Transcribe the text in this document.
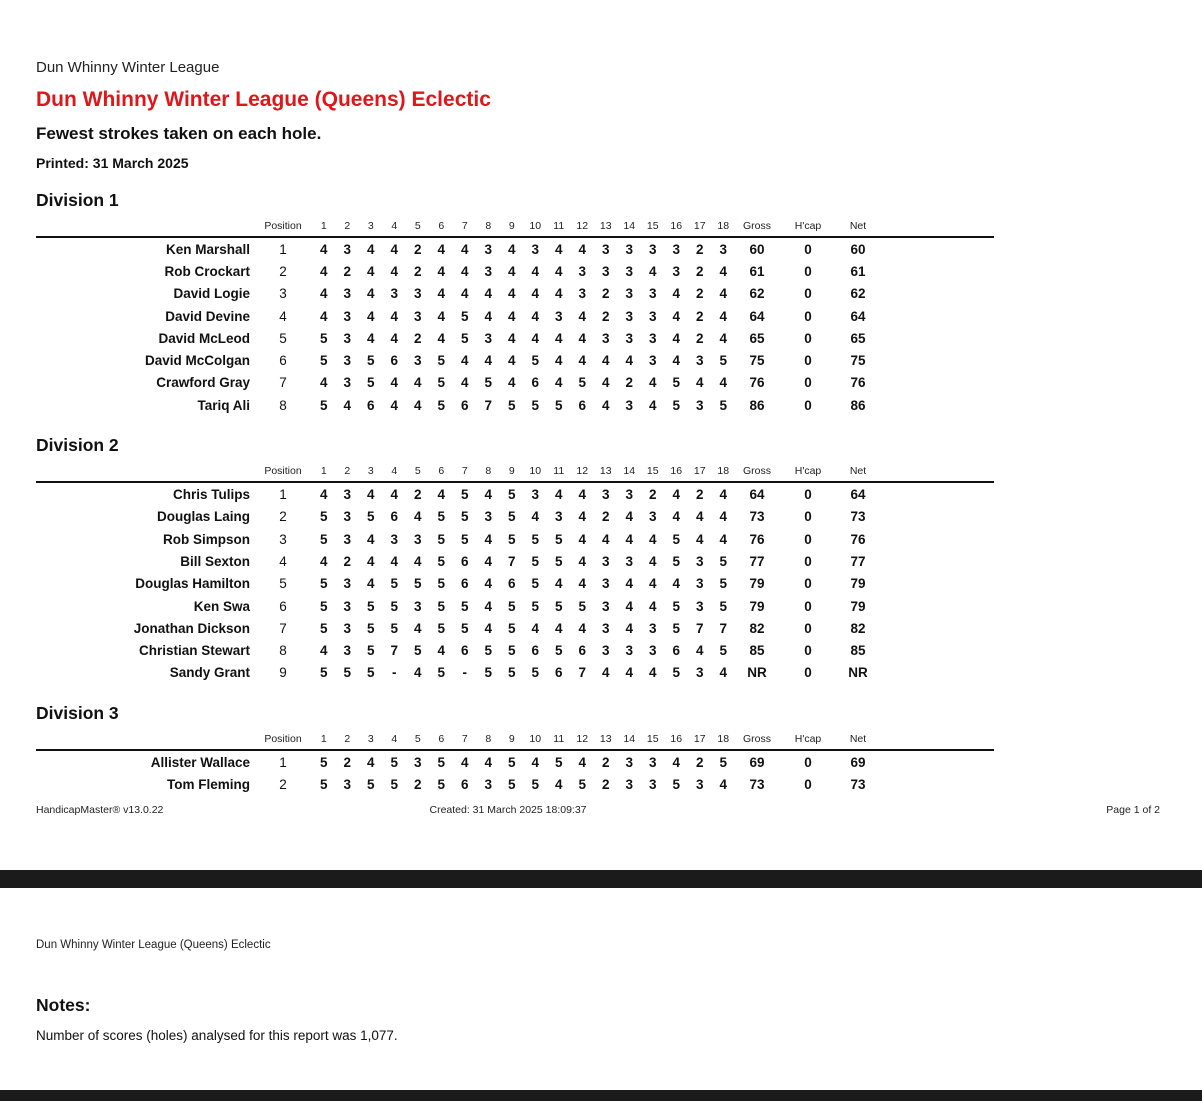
Dun Whinny Winter League
Dun Whinny Winter League (Queens) Eclectic
Fewest strokes taken on each hole.
Printed: 31 March 2025
Division 1
Position	1	2	3	4	5	6	7	8	9	10	11	12	13	14	15	16	17	18	Gross	H'cap	Net
Ken Marshall	1	4	3	4	4	2	4	4	3	4	3	4	4	3	3	3	3	2	3	60	0	60
Rob Crockart	2	4	2	4	4	2	4	4	3	4	4	4	3	3	3	4	3	2	4	61	0	61
David Logie	3	4	3	4	3	3	4	4	4	4	4	4	3	2	3	3	4	2	4	62	0	62
David Devine	4	4	3	4	4	3	4	5	4	4	4	3	4	2	3	3	4	2	4	64	0	64
David McLeod	5	5	3	4	4	2	4	5	3	4	4	4	4	3	3	3	4	2	4	65	0	65
David McColgan	6	5	3	5	6	3	5	4	4	4	5	4	4	4	4	3	4	3	5	75	0	75
Crawford Gray	7	4	3	5	4	4	5	4	5	4	6	4	5	4	2	4	5	4	4	76	0	76
Tariq Ali	8	5	4	6	4	4	5	6	7	5	5	5	6	4	3	4	5	3	5	86	0	86
Division 2
Position	1	2	3	4	5	6	7	8	9	10	11	12	13	14	15	16	17	18	Gross	H'cap	Net
Chris Tulips	1	4	3	4	4	2	4	5	4	5	3	4	4	3	3	2	4	2	4	64	0	64
Douglas Laing	2	5	3	5	6	4	5	5	3	5	4	3	4	2	4	3	4	4	4	73	0	73
Rob Simpson	3	5	3	4	3	3	5	5	4	5	5	5	4	4	4	4	5	4	4	76	0	76
Bill Sexton	4	4	2	4	4	4	5	6	4	7	5	5	4	3	3	4	5	3	5	77	0	77
Douglas Hamilton	5	5	3	4	5	5	5	6	4	6	5	4	4	3	4	4	4	3	5	79	0	79
Ken Swa	6	5	3	5	5	3	5	5	4	5	5	5	5	3	4	4	5	3	5	79	0	79
Jonathan Dickson	7	5	3	5	5	4	5	5	4	5	4	4	4	3	4	3	5	7	7	82	0	82
Christian Stewart	8	4	3	5	7	5	4	6	5	5	6	5	6	3	3	3	6	4	5	85	0	85
Sandy Grant	9	5	5	5	-	4	5	-	5	5	5	6	7	4	4	4	5	3	4	NR	0	NR
Division 3
Position	1	2	3	4	5	6	7	8	9	10	11	12	13	14	15	16	17	18	Gross	H'cap	Net
Allister Wallace	1	5	2	4	5	3	5	4	4	5	4	5	4	2	3	3	4	2	5	69	0	69
Tom Fleming	2	5	3	5	5	2	5	6	3	5	5	4	5	2	3	3	5	3	4	73	0	73
HandicapMaster® v13.0.22	Created: 31 March 2025 18:09:37	Page 1 of 2
Dun Whinny Winter League (Queens) Eclectic
Notes:
Number of scores (holes) analysed for this report was 1,077.
